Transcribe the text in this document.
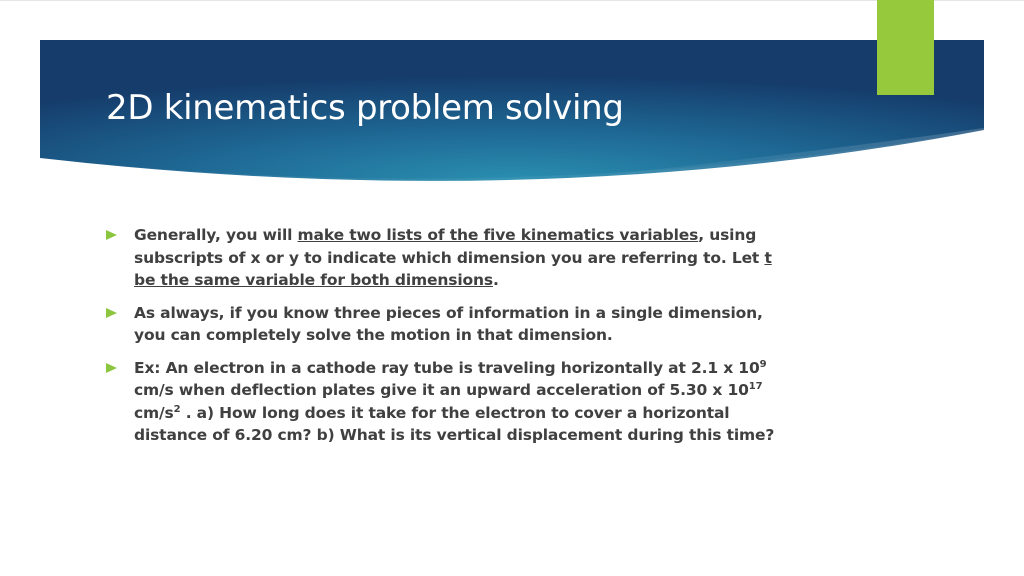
2D kinematics problem solving
Generally, you will make two lists of the five kinematics variables, using
subscripts of x or y to indicate which dimension you are referring to. Let t
be the same variable for both dimensions.
As always, if you know three pieces of information in a single dimension,
you can completely solve the motion in that dimension.
Ex: An electron in a cathode ray tube is traveling horizontally at 2.1 x $10^9$
cm/s when deflection plates give it an upward acceleration of 5.30 x $10^{17}$
$cm/s^2$ . a) How long does it take for the electron to cover a horizontal
distance of 6.20 cm? b) What is its vertical displacement during this time?
